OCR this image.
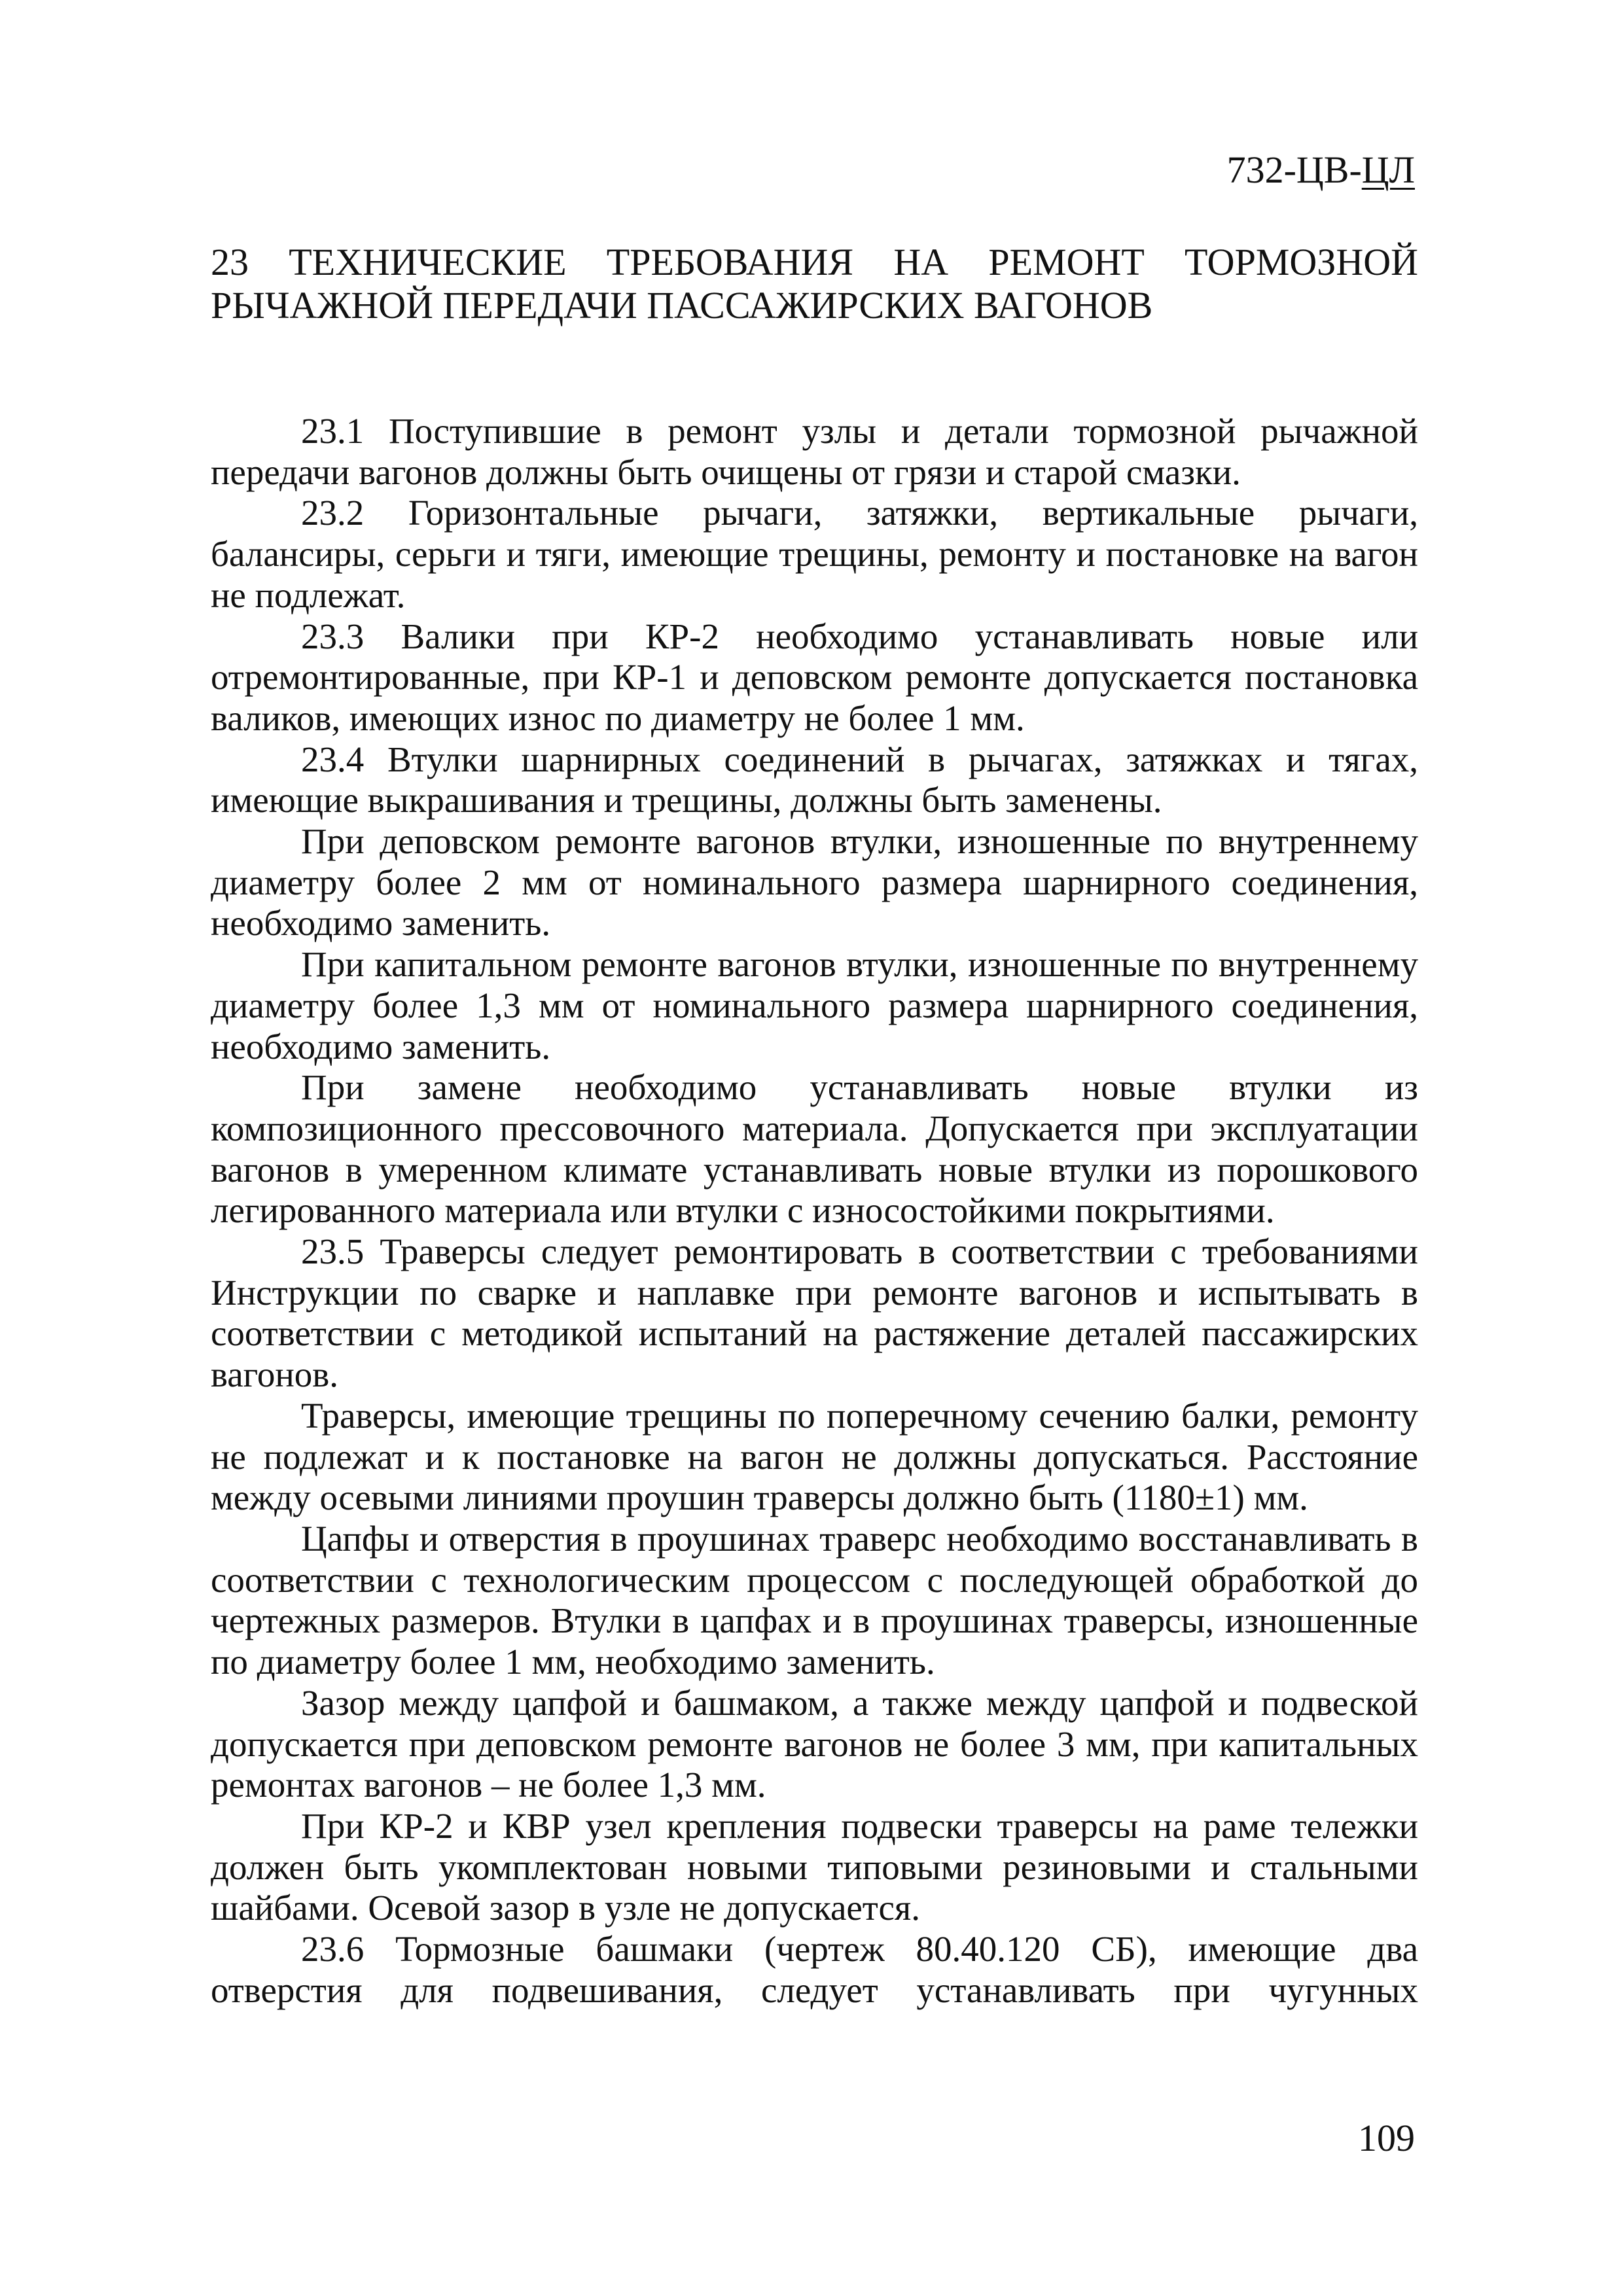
732-ЦВ-ЦЛ
23 ТЕХНИЧЕСКИЕ ТРЕБОВАНИЯ НА РЕМОНТ ТОРМОЗНОЙ РЫЧАЖНОЙ ПЕРЕДАЧИ ПАССАЖИРСКИХ ВАГОНОВ

23.1 Поступившие в ремонт узлы и детали тормозной рычажной передачи вагонов должны быть очищены от грязи и старой смазки.

23.2 Горизонтальные рычаги, затяжки, вертикальные рычаги, балансиры, серьги и тяги, имеющие трещины, ремонту и постановке на вагон не подлежат.

23.3 Валики при КР-2 необходимо устанавливать новые или отремонтированные, при КР-1 и деповском ремонте допускается постановка валиков, имеющих износ по диаметру не более 1 мм.

23.4 Втулки шарнирных соединений в рычагах, затяжках и тягах, имеющие выкрашивания и трещины, должны быть заменены.

При деповском ремонте вагонов втулки, изношенные по внутреннему диаметру более 2 мм от номинального размера шарнирного соединения, необходимо заменить.

При капитальном ремонте вагонов втулки, изношенные по внутреннему диаметру более 1,3 мм от номинального размера шарнирного соединения, необходимо заменить.

При замене необходимо устанавливать новые втулки из композиционного прессовочного материала. Допускается при эксплуатации вагонов в умеренном климате устанавливать новые втулки из порошкового легированного материала или втулки с износостойкими покрытиями.

23.5 Траверсы следует ремонтировать в соответствии с требованиями Инструкции по сварке и наплавке при ремонте вагонов и испытывать в соответствии с методикой испытаний на растяжение деталей пассажирских вагонов.

Траверсы, имеющие трещины по поперечному сечению балки, ремонту не подлежат и к постановке на вагон не должны допускаться. Расстояние между осевыми линиями проушин траверсы должно быть (1180±1) мм.

Цапфы и отверстия в проушинах траверс необходимо восстанавливать в соответствии с технологическим процессом с последующей обработкой до чертежных размеров. Втулки в цапфах и в проушинах траверсы, изношенные по диаметру более 1 мм, необходимо заменить.

Зазор между цапфой и башмаком, а также между цапфой и подвеской допускается при деповском ремонте вагонов не более 3 мм, при капитальных ремонтах вагонов – не более 1,3 мм.

При КР-2 и КВР узел крепления подвески траверсы на раме тележки должен быть укомплектован новыми типовыми резиновыми и стальными шайбами. Осевой зазор в узле не допускается.

23.6 Тормозные башмаки (чертеж 80.40.120 СБ), имеющие два отверстия для подвешивания, следует устанавливать при чугунных

109
